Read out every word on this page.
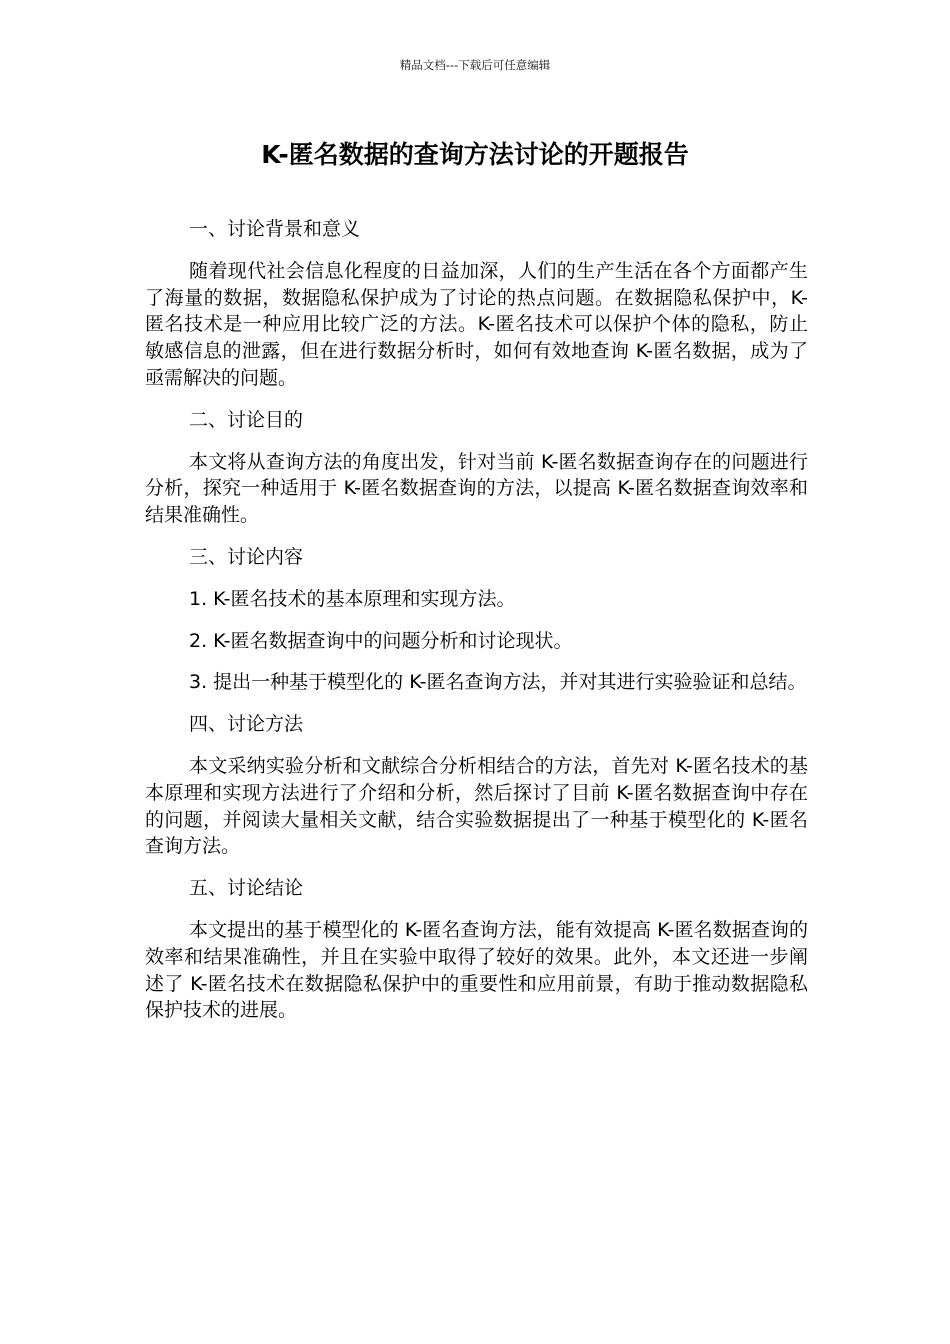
精品文档---下载后可任意编辑
K-匿名数据的查询方法讨论的开题报告
一、讨论背景和意义

随着现代社会信息化程度的日益加深，人们的生产生活在各个方面都产生了海量的数据，数据隐私保护成为了讨论的热点问题。在数据隐私保护中，K-匿名技术是一种应用比较广泛的方法。K-匿名技术可以保护个体的隐私，防止敏感信息的泄露，但在进行数据分析时，如何有效地查询 K-匿名数据，成为了亟需解决的问题。

二、讨论目的

本文将从查询方法的角度出发，针对当前 K-匿名数据查询存在的问题进行分析，探究一种适用于 K-匿名数据查询的方法，以提高 K-匿名数据查询效率和结果准确性。

三、讨论内容

1. K-匿名技术的基本原理和实现方法。

2. K-匿名数据查询中的问题分析和讨论现状。

3. 提出一种基于模型化的 K-匿名查询方法，并对其进行实验验证和总结。

四、讨论方法

本文采纳实验分析和文献综合分析相结合的方法，首先对 K-匿名技术的基本原理和实现方法进行了介绍和分析，然后探讨了目前 K-匿名数据查询中存在的问题，并阅读大量相关文献，结合实验数据提出了一种基于模型化的 K-匿名查询方法。

五、讨论结论

本文提出的基于模型化的 K-匿名查询方法，能有效提高 K-匿名数据查询的效率和结果准确性，并且在实验中取得了较好的效果。此外，本文还进一步阐述了 K-匿名技术在数据隐私保护中的重要性和应用前景，有助于推动数据隐私保护技术的进展。
